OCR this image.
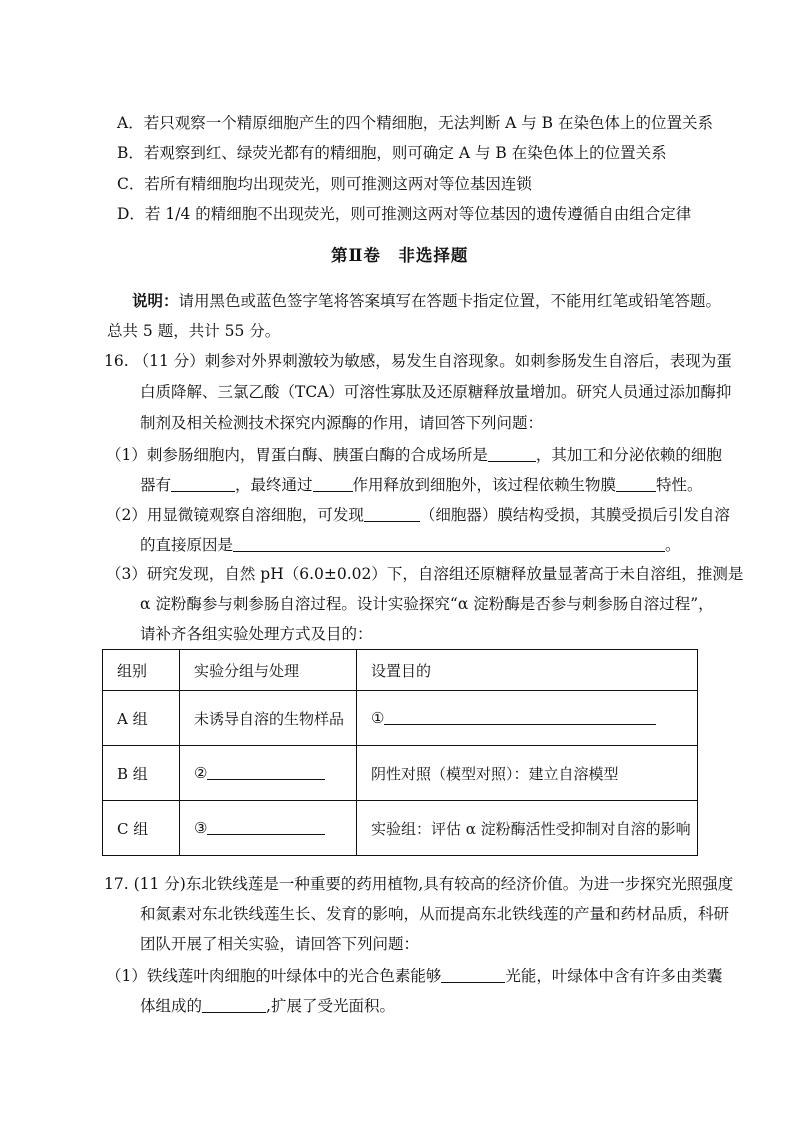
A．若只观察一个精原细胞产生的四个精细胞，无法判断 A 与 B 在染色体上的位置关系
B．若观察到红、绿荧光都有的精细胞，则可确定 A 与 B 在染色体上的位置关系
C．若所有精细胞均出现荧光，则可推测这两对等位基因连锁
D．若 1/4 的精细胞不出现荧光，则可推测这两对等位基因的遗传遵循自由组合定律
第Ⅱ卷　非选择题
说明：请用黑色或蓝色签字笔将答案填写在答题卡指定位置，不能用红笔或铅笔答题。
总共 5 题，共计 55 分。
16. （11 分）刺参对外界刺激较为敏感，易发生自溶现象。如刺参肠发生自溶后，表现为蛋
白质降解、三氯乙酸（TCA）可溶性寡肽及还原糖释放量增加。研究人员通过添加酶抑
制剂及相关检测技术探究内源酶的作用，请回答下列问题：
（1）刺参肠细胞内，胃蛋白酶、胰蛋白酶的合成场所是	，其加工和分泌依赖的细胞
器有	，最终通过	作用释放到细胞外，该过程依赖生物膜	特性。
（2）用显微镜观察自溶细胞，可发现	（细胞器）膜结构受损，其膜受损后引发自溶
的直接原因是	。
（3）研究发现，自然 pH（6.0±0.02）下，自溶组还原糖释放量显著高于未自溶组，推测是
α 淀粉酶参与刺参肠自溶过程。设计实验探究“α 淀粉酶是否参与刺参肠自溶过程”，
请补齐各组实验处理方式及目的：
组别	实验分组与处理	设置目的
A 组	未诱导自溶的生物样品	①
B 组	②	阴性对照（模型对照）：建立自溶模型
C 组	③	实验组：评估 α 淀粉酶活性受抑制对自溶的影响
17. (11 分)东北铁线莲是一种重要的药用植物,具有较高的经济价值。为进一步探究光照强度
和氮素对东北铁线莲生长、发育的影响，从而提高东北铁线莲的产量和药材品质，科研
团队开展了相关实验，请回答下列问题：
（1）铁线莲叶肉细胞的叶绿体中的光合色素能够	光能，叶绿体中含有许多由类囊
体组成的	,扩展了受光面积。
